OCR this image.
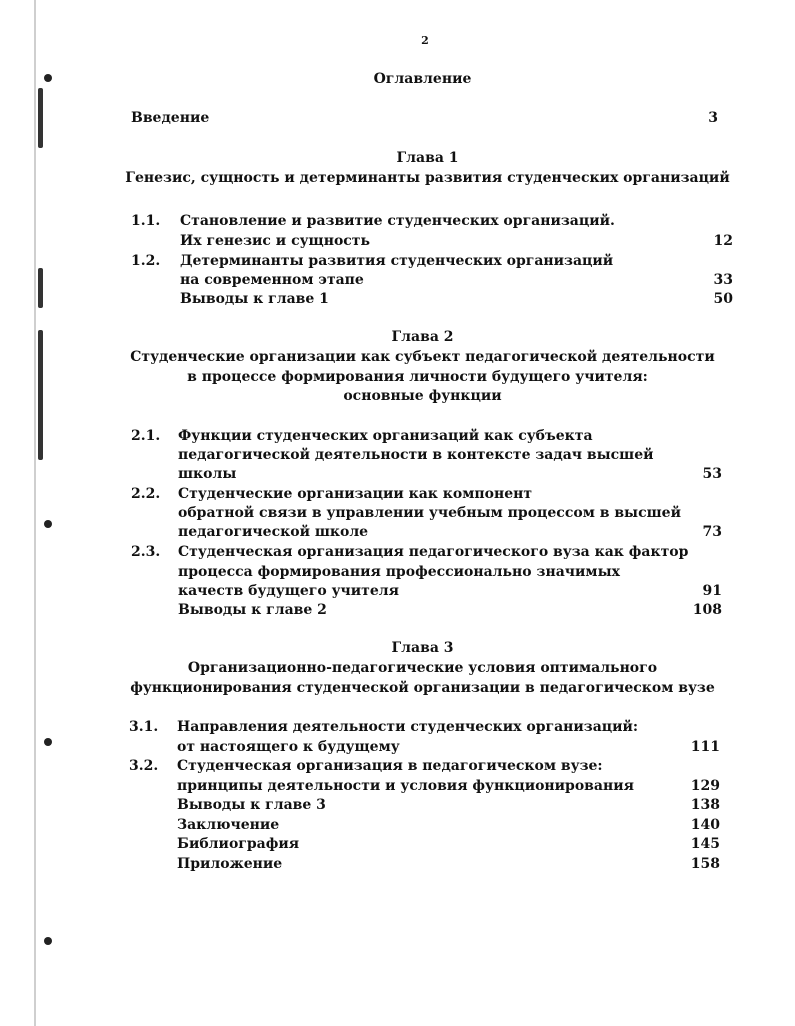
2
Оглавление
Введение	3
Глава 1
Генезис, сущность и детерминанты развития студенческих организаций
1.1. Становление и развитие студенческих организаций.
Их генезис и сущность	12
1.2. Детерминанты развития студенческих организаций
на современном этапе	33
Выводы к главе 1	50
Глава 2
Студенческие организации как субъект педагогической деятельности
в процессе формирования личности будущего учителя:
основные функции
2.1. Функции студенческих организаций как субъекта
педагогической деятельности в контексте задач высшей
школы	53
2.2. Студенческие организации как компонент
обратной связи в управлении учебным процессом в высшей
педагогической школе	73
2.3. Студенческая организация педагогического вуза как фактор
процесса формирования профессионально значимых
качеств будущего учителя	91
Выводы к главе 2	108
Глава 3
Организационно-педагогические условия оптимального
функционирования студенческой организации в педагогическом вузе
3.1. Направления деятельности студенческих организаций:
от настоящего к будущему	111
3.2. Студенческая организация в педагогическом вузе:
принципы деятельности и условия функционирования	129
Выводы к главе 3	138
Заключение	140
Библиография	145
Приложение	158
